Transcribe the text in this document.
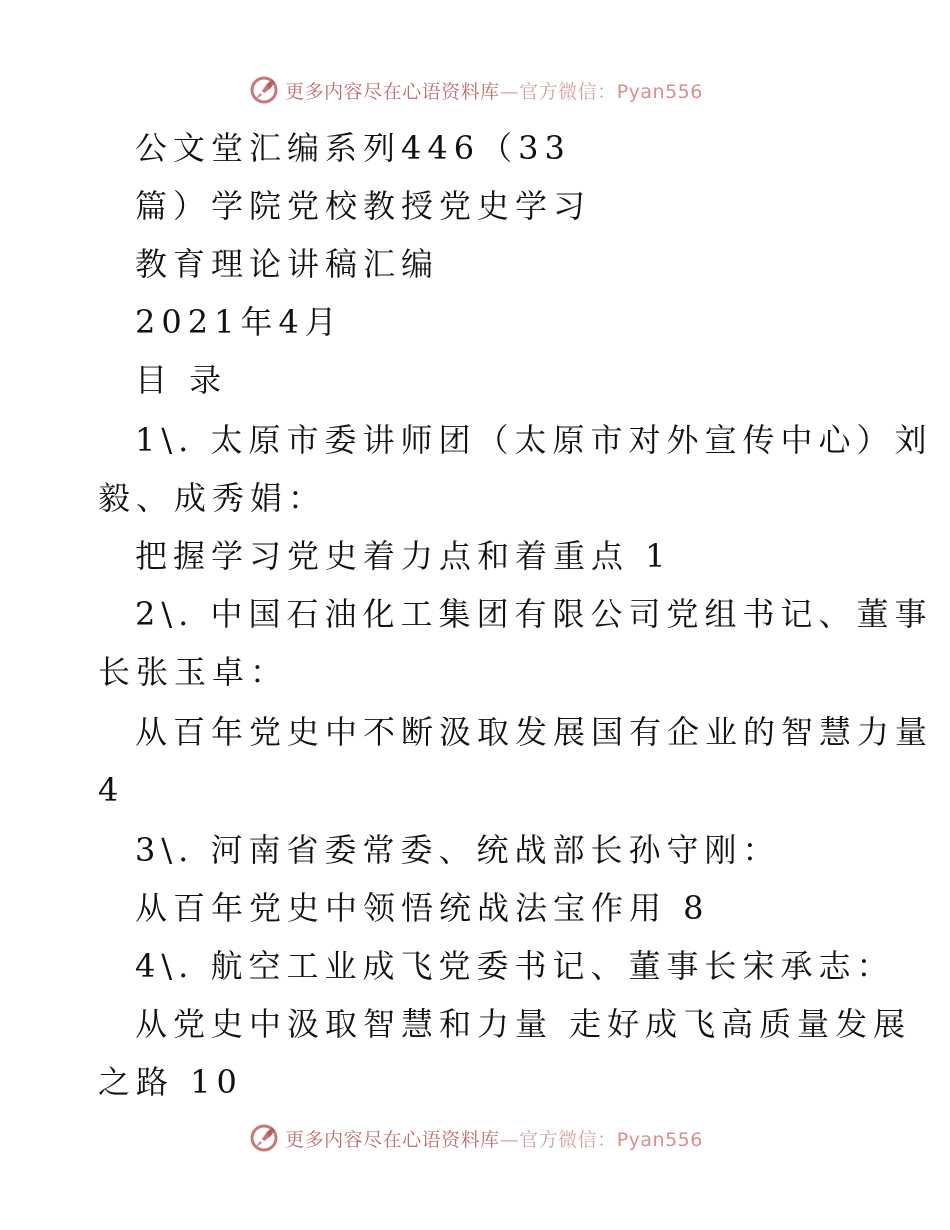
更多内容尽在心语资料库—官方微信：Pyan556
公文堂汇编系列446（33
篇）学院党校教授党史学习
教育理论讲稿汇编
2021年4月
目 录
1\. 太原市委讲师团（太原市对外宣传中心）刘
毅、成秀娟：
把握学习党史着力点和着重点 1
2\. 中国石油化工集团有限公司党组书记、董事
长张玉卓：
从百年党史中不断汲取发展国有企业的智慧力量
4
3\. 河南省委常委、统战部长孙守刚：
从百年党史中领悟统战法宝作用 8
4\. 航空工业成飞党委书记、董事长宋承志：
从党史中汲取智慧和力量 走好成飞高质量发展
之路 10
更多内容尽在心语资料库—官方微信：Pyan556
